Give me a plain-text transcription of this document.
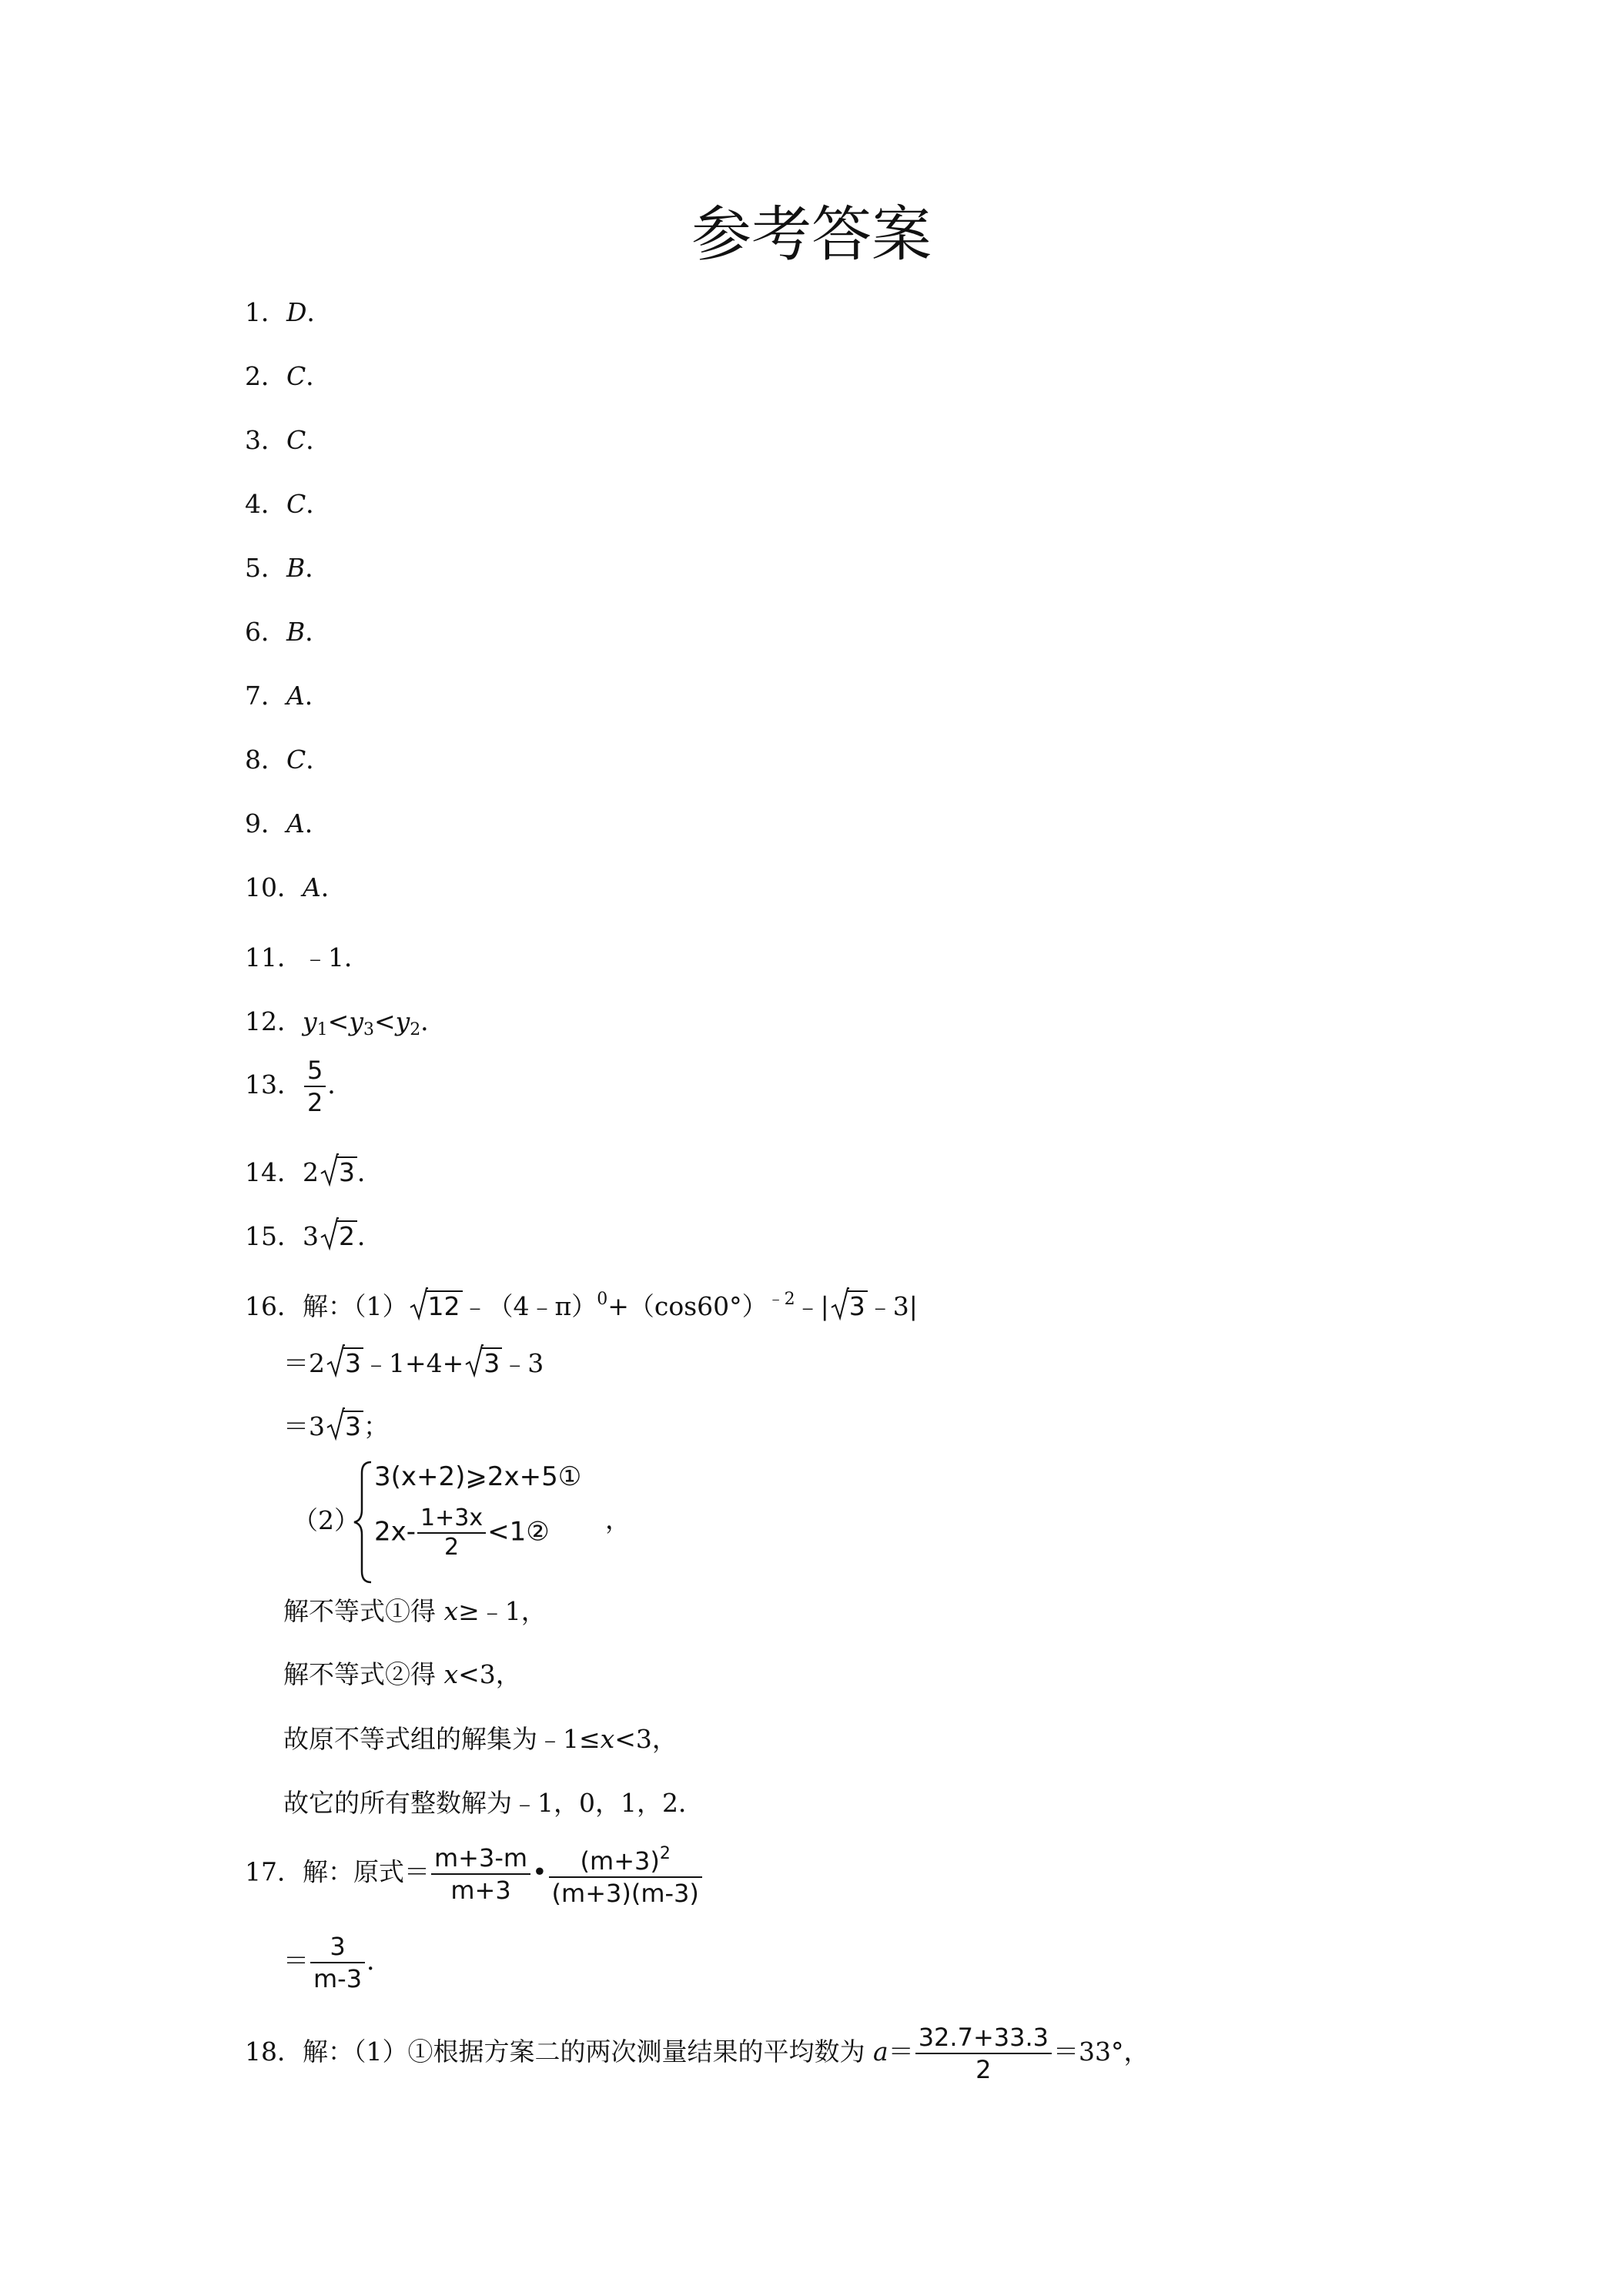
参考答案
1．D．
2．C．
3．C．
4．C．
5．B．
6．B．
7．A．
8．C．
9．A．
10．A．
11．﹣1．
12．$y_1<y_3<y_2$．
13． $\frac{5}{2}$ ．
14．2 3．
15．3 2．
16．解：（1） $12﹣(4﹣\pi)^0+(\cos 60^\circ)^{﹣2}﹣|$ 3﹣3|
＝2 3﹣1+4+ 3﹣3
＝3 3；
（2）
3(x+2)⩾2x+5①
$2x- \frac{1+3x}{2}$ <1② ，
解不等式①得 x≥﹣1，
解不等式②得 x<3，
故原不等式组的解集为﹣1≤x<3，
故它的所有整数解为﹣1，0，1，2．
17．解：原式＝ $\frac{m+3-m}{m+3}$ • $\frac{(m+3)^2}{(m+3)(m-3)}$
＝ $\frac{3}{m-3}$ ．
18．解：（1）①根据方案二的两次测量结果的平均数为 $a= \frac{32.7+33.3}{2} =33^\circ$，
